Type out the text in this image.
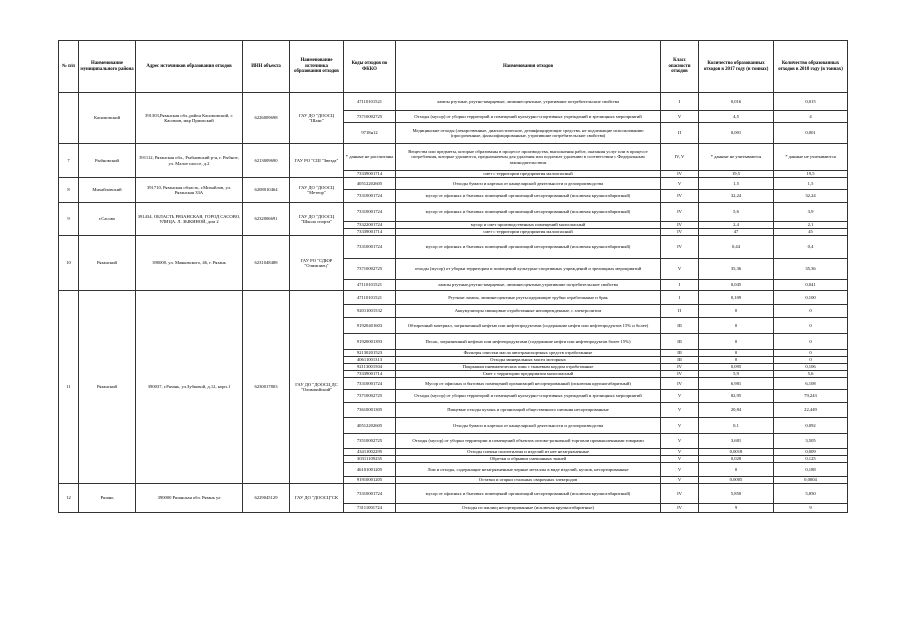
№ п/п	Наименование муниципального района	Адрес источников образования отходов	ИНН объекта	Наименование источника образования отходов	Коды отходов по ФККО	Наименования отходов	Класс опасности отходов	Количество образованных отходов в 2017 году (в тоннах)	Количество образованных отходов в 2018 году (в тоннах)
	Касимовский	391303,Рязанская обл.,район Касимовский, г. Касимов, мкр Приокский	6226009698	ГАУ ДО "ДООСЦ "Шанс"	47110101521	лампы ртутные, ртутно-кварцевые, люминесцентные, утратившие потребительские свойства	I	0,016	0,015
					73710002725	Отходы (мусор) от уборки территорий и помещений культурно-спортивных учреждений и зрелищных мероприятий	V	4,5	4
					9718н12	Медицинские отходы (лекарственные, диагностические, дезинфицирующие средства, не подлежащие использованию (просроченные, фальсифицированные, утратившие потребительские свойства)	II	0,001	0,001
7	Рыбновский	391112, Рязанская обл., Рыбновский р-н, г. Рыбное, ул. Малое шоссе, д.2	6213009690	ГАУ РО "СШ "Звезда"	* данные не рассчитаны	Вещества или предметы, которые образованы в процессе производства, выполнения работ, оказания услуг или в процессе потребления, которые удаляются, предназначены для удаления или подлежат удалению в соответствии с Федеральным законодательством	IV, V	* данные не учитываются	* данные не учитываются
					73339001714	смет с территории предприятия малоопасный	IV	19,5	19,5
8	Михайловский	391710, Рязанская область, г.Михайлов, ул. Рязанская 33А	6208010464	ГАУ ДО "ДООСЦ "Метеор"	40512202605	Отходы бумаги и картона от канцелярской деятельности и делопроизводства	V	1,5	1,5
					73310001724	мусор от офисных и бытовых помещений организаций несортированный (исключая крупногабаритный)	IV	32,24	32,24
9	г.Сасово	391434, ОБЛАСТЬ РЯЗАНСКАЯ, ГОРОД САСОВО, УЛИЦА. Л. ЗЫКИНОЙ, дом 2	6232006691	ГАУ ДО "ДООСЦ "Школа спорта"	73310001724	мусор от офисных и бытовых помещений организаций несортированный (исключая крупногабаритный)	IV	5,6	3,9
					73322001724	мусор и смет производственных помещений малоопасный	IV	2,4	2,1
					73339001714	смет с территории предприятия малоопасный	IV	47	45
10	Рязанский	390000, ул. Маяковского, 46, г. Рязань	6231048488	ГАУ РО "СДЮР "Олимпиец"	73310001724	мусор от офисных и бытовых помещений организаций несортированный (исключая крупногабаритный)	IV	0,44	0,4
					73710002725	отходы (мусор) от уборки территории и помещений культурно-спортивных учреждений и зрелищных мероприятий	V	35,36	35,36
					47110101521	лампы ртутные,ртутно-кварцевые, люминесцентные,утратившие потребительские свойства	I	0,045	0,041
11	Рязанский	390037, г.Рязань, ул.Зубковой, д.12, корп.1	6230017803	ГАУ ДО "ДООСЦ ДС "Олимпийский"	47110101521	Ртутные лампы, люминесцентные ртутьсодержащие трубки отработанные и брак	I	0,109	0,100
					92011001532	Аккумуляторы свинцовые отработанные неповрежденные, с электролитом	II	0	0
					91920401603	Обтирочный материал, загрязненный нефтью или нефтепродуктами (содержание нефти или нефтепродуктов 15% и более)	III	0	0
					91920001393	Песок, загрязненный нефтью или нефтепродуктами (содержание нефти или нефтепродуктов более 15%)	III	0	0
					92130201523	Фильтры очистки масла автотранспортных средств отработанные	III	0	0
					40611001313	Отходы минеральных масел моторных	III	0	0
					92113001504	Покрышки пневматических шин с тканевым кордом отработанные	IV	0,095	0,106
					73339001714	Смет с территории предприятия малоопасный	IV	5,9	5,6
					73310001724	Мусор от офисных и бытовых помещений организаций несортированный (исключая крупногабаритный)	IV	6,981	6,108
					73710002725	Отходы (мусор) от уборки территорий и помещений культурно-спортивных учреждений и зрелищных мероприятий	V	82,95	79,243
					73610001305	Пищевые отходы кухонь и организаций общественного питания несортированные	V	20,84	22,449
					40512202605	Отходы бумаги и картона от канцелярской деятельности и делопроизводства	V	0,1	0,092
					73510002725	Отходы (мусор) от уборки территории и помещений объектов оптово-розничной торговли промышленными товарами	V	3,681	3,505
					43411002295	Отходы пленки полиэтилена и изделий из нее незагрязненные	V	0,0018	0,009
					30311109235	Обрезки и обрывки смешанных тканей	V	0,028	0,125
					46101001205	Лом и отходы, содержащие незагрязненные черные металлы в виде изделий, кусков, несортированные	V	0	0,188
					91910001205	Остатки и огарки стальных сварочных электродов	V	0,0005	0,0004
12	Рязань	390000 Рязанская обл. Рязань ул	6229045129	ГАУ ДО "ДООСЦ"СК	73310001724	мусор от офисных и бытовых помещений организаций несортированный (исключая крупногабаритный)	IV	5,850	5,850
					73111001724	Отходы из жилищ несортированные (исключая крупногабаритные)	IV	9	9
